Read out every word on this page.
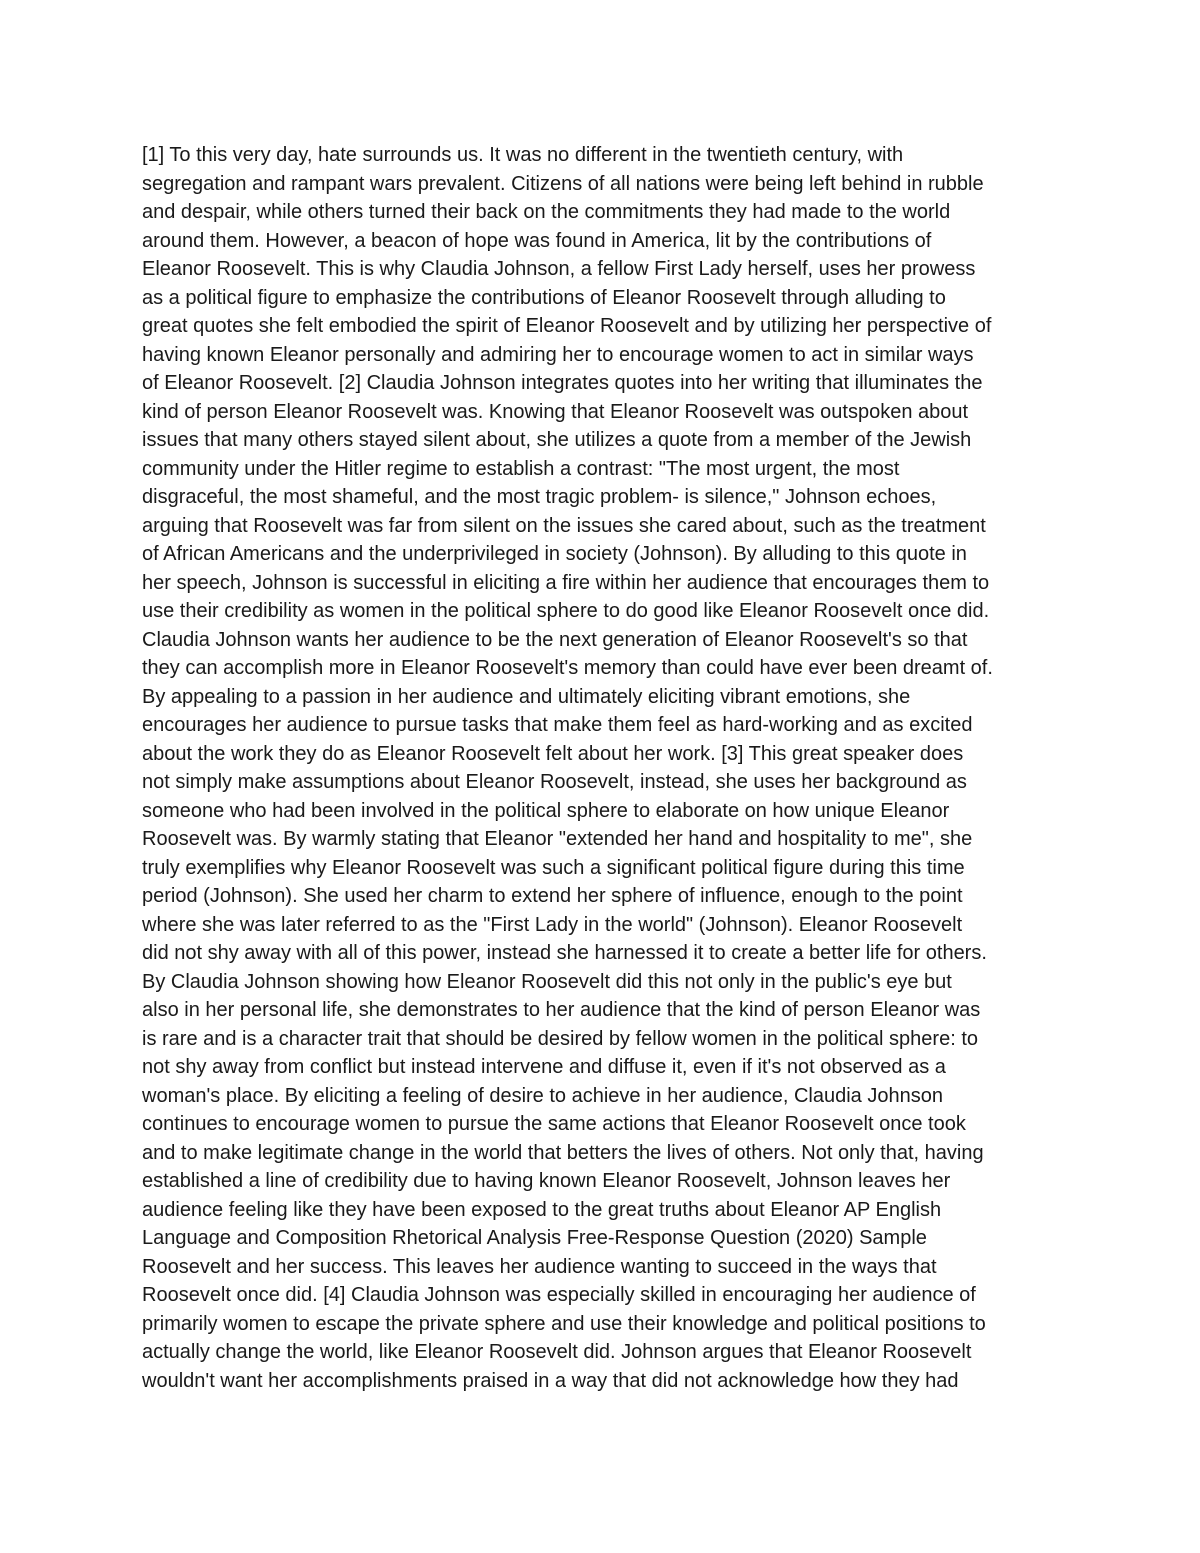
[1] To this very day, hate surrounds us. It was no different in the twentieth century, with
segregation and rampant wars prevalent. Citizens of all nations were being left behind in rubble
and despair, while others turned their back on the commitments they had made to the world
around them. However, a beacon of hope was found in America, lit by the contributions of
Eleanor Roosevelt. This is why Claudia Johnson, a fellow First Lady herself, uses her prowess
as a political figure to emphasize the contributions of Eleanor Roosevelt through alluding to
great quotes she felt embodied the spirit of Eleanor Roosevelt and by utilizing her perspective of
having known Eleanor personally and admiring her to encourage women to act in similar ways
of Eleanor Roosevelt. [2] Claudia Johnson integrates quotes into her writing that illuminates the
kind of person Eleanor Roosevelt was. Knowing that Eleanor Roosevelt was outspoken about
issues that many others stayed silent about, she utilizes a quote from a member of the Jewish
community under the Hitler regime to establish a contrast: "The most urgent, the most
disgraceful, the most shameful, and the most tragic problem- is silence," Johnson echoes,
arguing that Roosevelt was far from silent on the issues she cared about, such as the treatment
of African Americans and the underprivileged in society (Johnson). By alluding to this quote in
her speech, Johnson is successful in eliciting a fire within her audience that encourages them to
use their credibility as women in the political sphere to do good like Eleanor Roosevelt once did.
Claudia Johnson wants her audience to be the next generation of Eleanor Roosevelt's so that
they can accomplish more in Eleanor Roosevelt's memory than could have ever been dreamt of.
By appealing to a passion in her audience and ultimately eliciting vibrant emotions, she
encourages her audience to pursue tasks that make them feel as hard-working and as excited
about the work they do as Eleanor Roosevelt felt about her work. [3] This great speaker does
not simply make assumptions about Eleanor Roosevelt, instead, she uses her background as
someone who had been involved in the political sphere to elaborate on how unique Eleanor
Roosevelt was. By warmly stating that Eleanor "extended her hand and hospitality to me", she
truly exemplifies why Eleanor Roosevelt was such a significant political figure during this time
period (Johnson). She used her charm to extend her sphere of influence, enough to the point
where she was later referred to as the "First Lady in the world" (Johnson). Eleanor Roosevelt
did not shy away with all of this power, instead she harnessed it to create a better life for others.
By Claudia Johnson showing how Eleanor Roosevelt did this not only in the public's eye but
also in her personal life, she demonstrates to her audience that the kind of person Eleanor was
is rare and is a character trait that should be desired by fellow women in the political sphere: to
not shy away from conflict but instead intervene and diffuse it, even if it's not observed as a
woman's place. By eliciting a feeling of desire to achieve in her audience, Claudia Johnson
continues to encourage women to pursue the same actions that Eleanor Roosevelt once took
and to make legitimate change in the world that betters the lives of others. Not only that, having
established a line of credibility due to having known Eleanor Roosevelt, Johnson leaves her
audience feeling like they have been exposed to the great truths about Eleanor AP English
Language and Composition Rhetorical Analysis Free-Response Question (2020) Sample
Roosevelt and her success. This leaves her audience wanting to succeed in the ways that
Roosevelt once did. [4] Claudia Johnson was especially skilled in encouraging her audience of
primarily women to escape the private sphere and use their knowledge and political positions to
actually change the world, like Eleanor Roosevelt did. Johnson argues that Eleanor Roosevelt
wouldn't want her accomplishments praised in a way that did not acknowledge how they had
